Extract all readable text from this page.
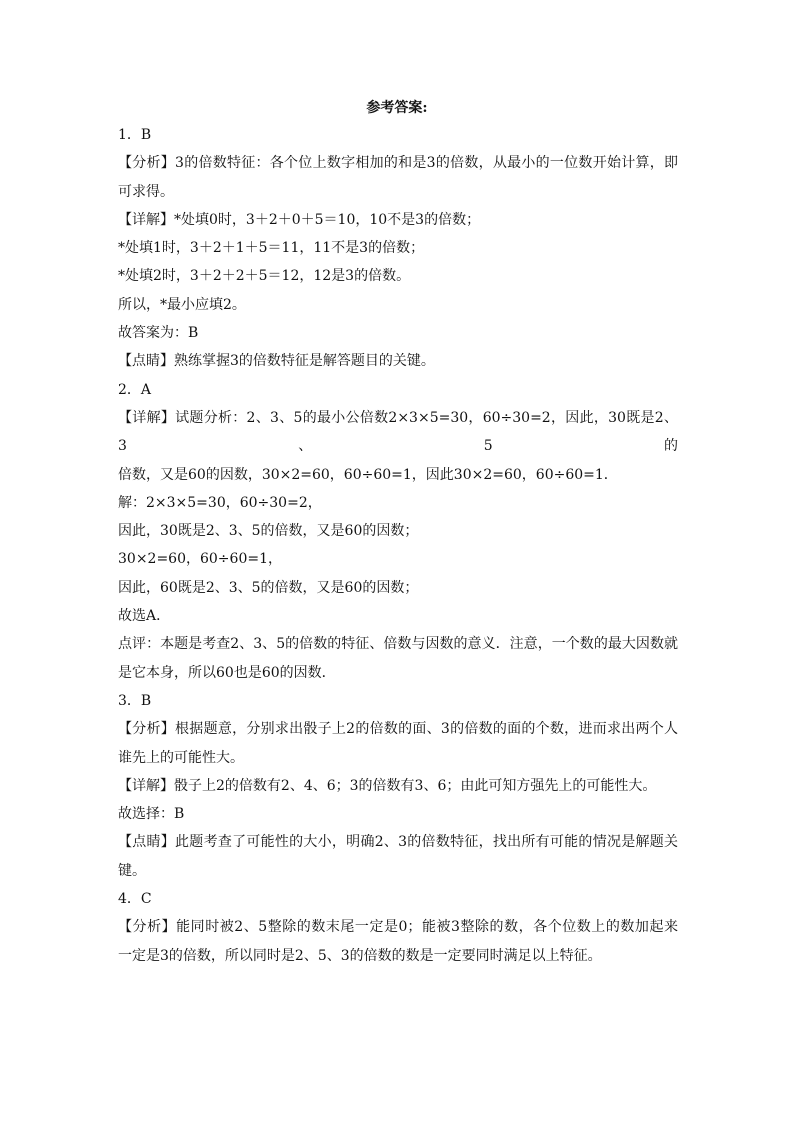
参考答案:
1．B
【分析】3的倍数特征：各个位上数字相加的和是3的倍数，从最小的一位数开始计算，即
可求得。
【详解】*处填0时，3＋2＋0＋5＝10，10不是3的倍数；
*处填1时，3＋2＋1＋5＝11，11不是3的倍数；
*处填2时，3＋2＋2＋5＝12，12是3的倍数。
所以，*最小应填2。
故答案为：B
【点睛】熟练掌握3的倍数特征是解答题目的关键。
2．A
【详解】试题分析：2、3、5的最小公倍数2×3×5=30，60÷30=2，因此，30既是2、3、5的
倍数，又是60的因数，30×2=60，60÷60=1，因此30×2=60，60÷60=1．
解：2×3×5=30，60÷30=2，
因此，30既是2、3、5的倍数，又是60的因数；
30×2=60，60÷60=1，
因此，60既是2、3、5的倍数，又是60的因数；
故选A．
点评：本题是考查2、3、5的倍数的特征、倍数与因数的意义．注意，一个数的最大因数就
是它本身，所以60也是60的因数．
3．B
【分析】根据题意，分别求出骰子上2的倍数的面、3的倍数的面的个数，进而求出两个人
谁先上的可能性大。
【详解】骰子上2的倍数有2、4、6；3的倍数有3、6；由此可知方强先上的可能性大。
故选择：B
【点睛】此题考查了可能性的大小，明确2、3的倍数特征，找出所有可能的情况是解题关
键。
4．C
【分析】能同时被2、5整除的数末尾一定是0；能被3整除的数，各个位数上的数加起来
一定是3的倍数，所以同时是2、5、3的倍数的数是一定要同时满足以上特征。
